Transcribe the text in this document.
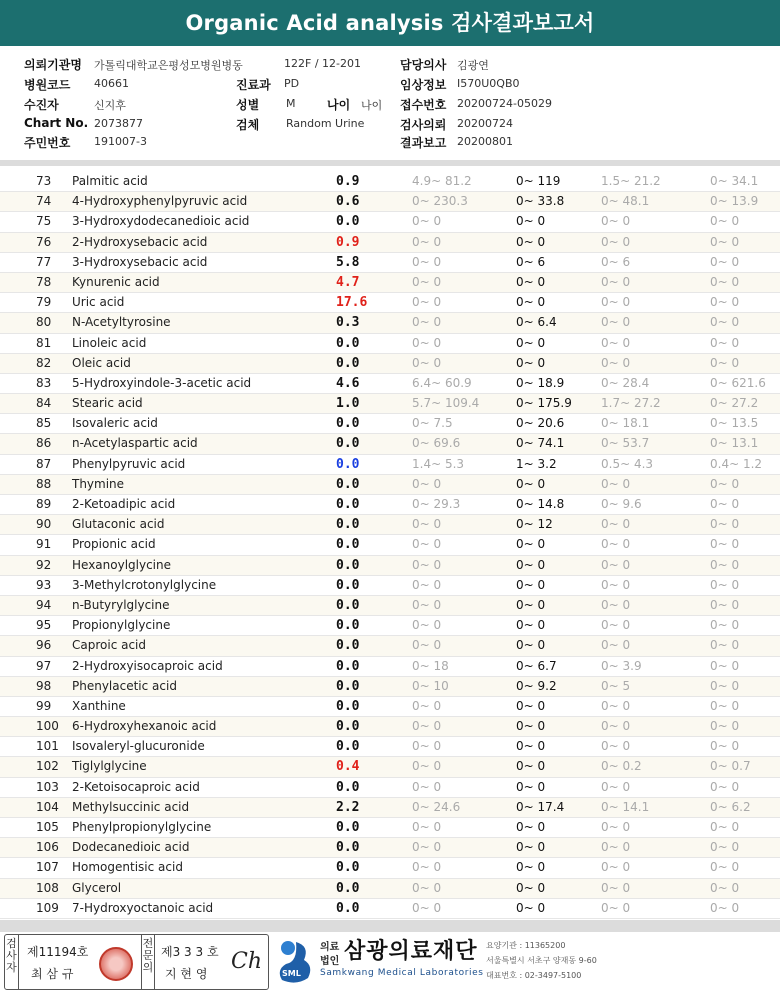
Organic Acid analysis 검사결과보고서
의뢰기관명 가톨릭대학교은평성모병원병동	122F / 12-201	담당의사 김광연
병원코드 40661	진료과 PD	임상정보 I570U0QB0
수진자	신지후	성별 M	나이 나이 접수번호 20200724-05029
Chart No. 2073877	검체 Random Urine	검사의뢰 20200724
주민번호 191007-3	결과보고 20200801
73 Palmitic acid	0.9	4.9~ 81.2	0~ 119	1.5~ 21.2	0~ 34.1
74 4-Hydroxyphenylpyruvic acid	0.6	0~ 230.3	0~ 33.8	0~ 48.1	0~ 13.9
75 3-Hydroxydodecanedioic acid	0.0	0~ 0	0~ 0	0~ 0	0~ 0
76 2-Hydroxysebacic acid	0.9	0~ 0	0~ 0	0~ 0	0~ 0
77 3-Hydroxysebacic acid	5.8	0~ 0	0~ 6	0~ 6	0~ 0
78 Kynurenic acid	4.7	0~ 0	0~ 0	0~ 0	0~ 0
79 Uric acid	17.6	0~ 0	0~ 0	0~ 0	0~ 0
80 N-Acetyltyrosine	0.3	0~ 0	0~ 6.4	0~ 0	0~ 0
81 Linoleic acid	0.0	0~ 0	0~ 0	0~ 0	0~ 0
82 Oleic acid	0.0	0~ 0	0~ 0	0~ 0	0~ 0
83 5-Hydroxyindole-3-acetic acid	4.6	6.4~ 60.9	0~ 18.9	0~ 28.4	0~ 621.6
84 Stearic acid	1.0	5.7~ 109.4	0~ 175.9 1.7~ 27.2	0~ 27.2
85 Isovaleric acid	0.0	0~ 7.5	0~ 20.6	0~ 18.1	0~ 13.5
86 n-Acetylaspartic acid	0.0	0~ 69.6	0~ 74.1	0~ 53.7	0~ 13.1
87 Phenylpyruvic acid	0.0	1.4~ 5.3	1~ 3.2	0.5~ 4.3	0.4~ 1.2
88 Thymine	0.0	0~ 0	0~ 0	0~ 0	0~ 0
89 2-Ketoadipic acid	0.0	0~ 29.3	0~ 14.8	0~ 9.6	0~ 0
90 Glutaconic acid	0.0	0~ 0	0~ 12	0~ 0	0~ 0
91 Propionic acid	0.0	0~ 0	0~ 0	0~ 0	0~ 0
92 Hexanoylglycine	0.0	0~ 0	0~ 0	0~ 0	0~ 0
93 3-Methylcrotonylglycine	0.0	0~ 0	0~ 0	0~ 0	0~ 0
94 n-Butyrylglycine	0.0	0~ 0	0~ 0	0~ 0	0~ 0
95 Propionylglycine	0.0	0~ 0	0~ 0	0~ 0	0~ 0
96 Caproic acid	0.0	0~ 0	0~ 0	0~ 0	0~ 0
97 2-Hydroxyisocaproic acid	0.0	0~ 18	0~ 6.7	0~ 3.9	0~ 0
98 Phenylacetic acid	0.0	0~ 10	0~ 9.2	0~ 5	0~ 0
99 Xanthine	0.0	0~ 0	0~ 0	0~ 0	0~ 0
100 6-Hydroxyhexanoic acid	0.0	0~ 0	0~ 0	0~ 0	0~ 0
101 Isovaleryl-glucuronide	0.0	0~ 0	0~ 0	0~ 0	0~ 0
102 Tiglylglycine	0.4	0~ 0	0~ 0	0~ 0.2	0~ 0.7
103 2-Ketoisocaproic acid	0.0	0~ 0	0~ 0	0~ 0	0~ 0
104 Methylsuccinic acid	2.2	0~ 24.6	0~ 17.4	0~ 14.1	0~ 6.2
105 Phenylpropionylglycine	0.0	0~ 0	0~ 0	0~ 0	0~ 0
106 Dodecanedioic acid	0.0	0~ 0	0~ 0	0~ 0	0~ 0
107 Homogentisic acid	0.0	0~ 0	0~ 0	0~ 0	0~ 0
108 Glycerol	0.0	0~ 0	0~ 0	0~ 0	0~ 0
109 7-Hydroxyoctanoic acid	0.0	0~ 0	0~ 0	0~ 0	0~ 0
검사자
제11194호
최 삼 규
전문의
제3 3 3 호
지 현 영 Ch SML
의료
법인 삼광의료재단
Samkwang Medical Laboratories
요양기관 : 11365200
서울특별시 서초구 양재동 9-60
대표번호 : 02-3497-5100
